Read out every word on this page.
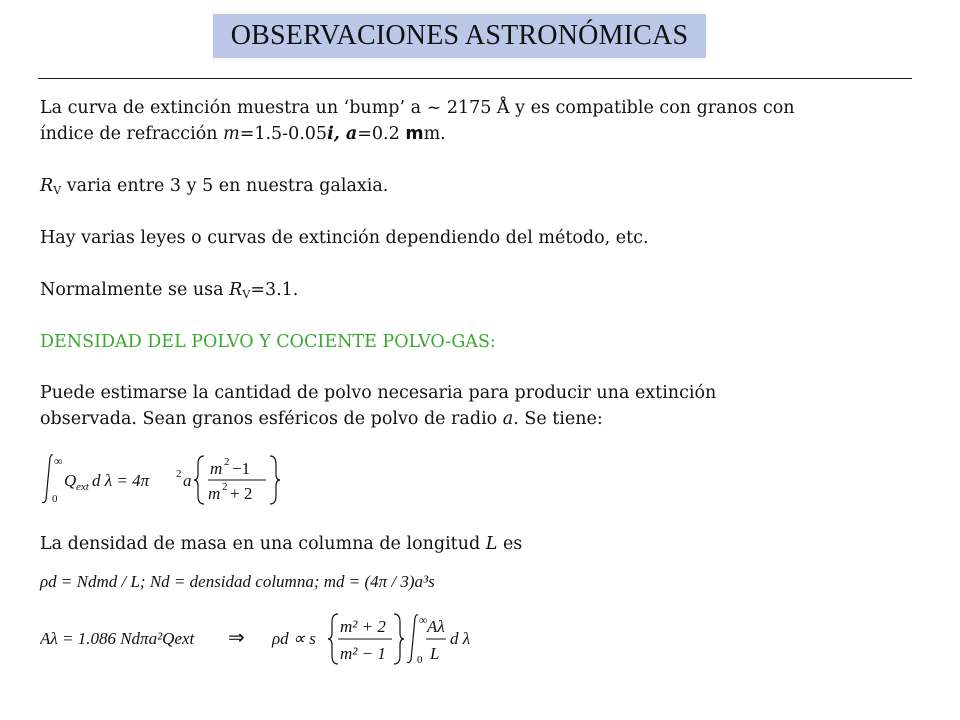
OBSERVACIONES ASTRONÓMICAS
La curva de extinción muestra un ‘bump’ a ~ 2175 Å y es compatible con granos con
índice de refracción m=1.5-0.05i, a=0.2 mm.
$R_V$ varia entre 3 y 5 en nuestra galaxia.
Hay varias leyes o curvas de extinción dependiendo del método, etc.
Normalmente se usa $R_V=3.1$.
DENSIDAD DEL POLVO Y COCIENTE POLVO-GAS:
Puede estimarse la cantidad de polvo necesaria para producir una extinción
observada. Sean granos esféricos de polvo de radio a. Se tiene:
0
∞
Q ext d λ = 4π 2 a
m 2 −1
m 2 + 2
La densidad de masa en una columna de longitud L es
ρd = Ndmd / L; Nd = densidad columna; md = (4π / 3)a³s
Aλ = 1.086 Ndπa²Qext ⇒ ρd ∝ s
m² + 2
m² − 1	0
∞ Aλ
L
d λ
